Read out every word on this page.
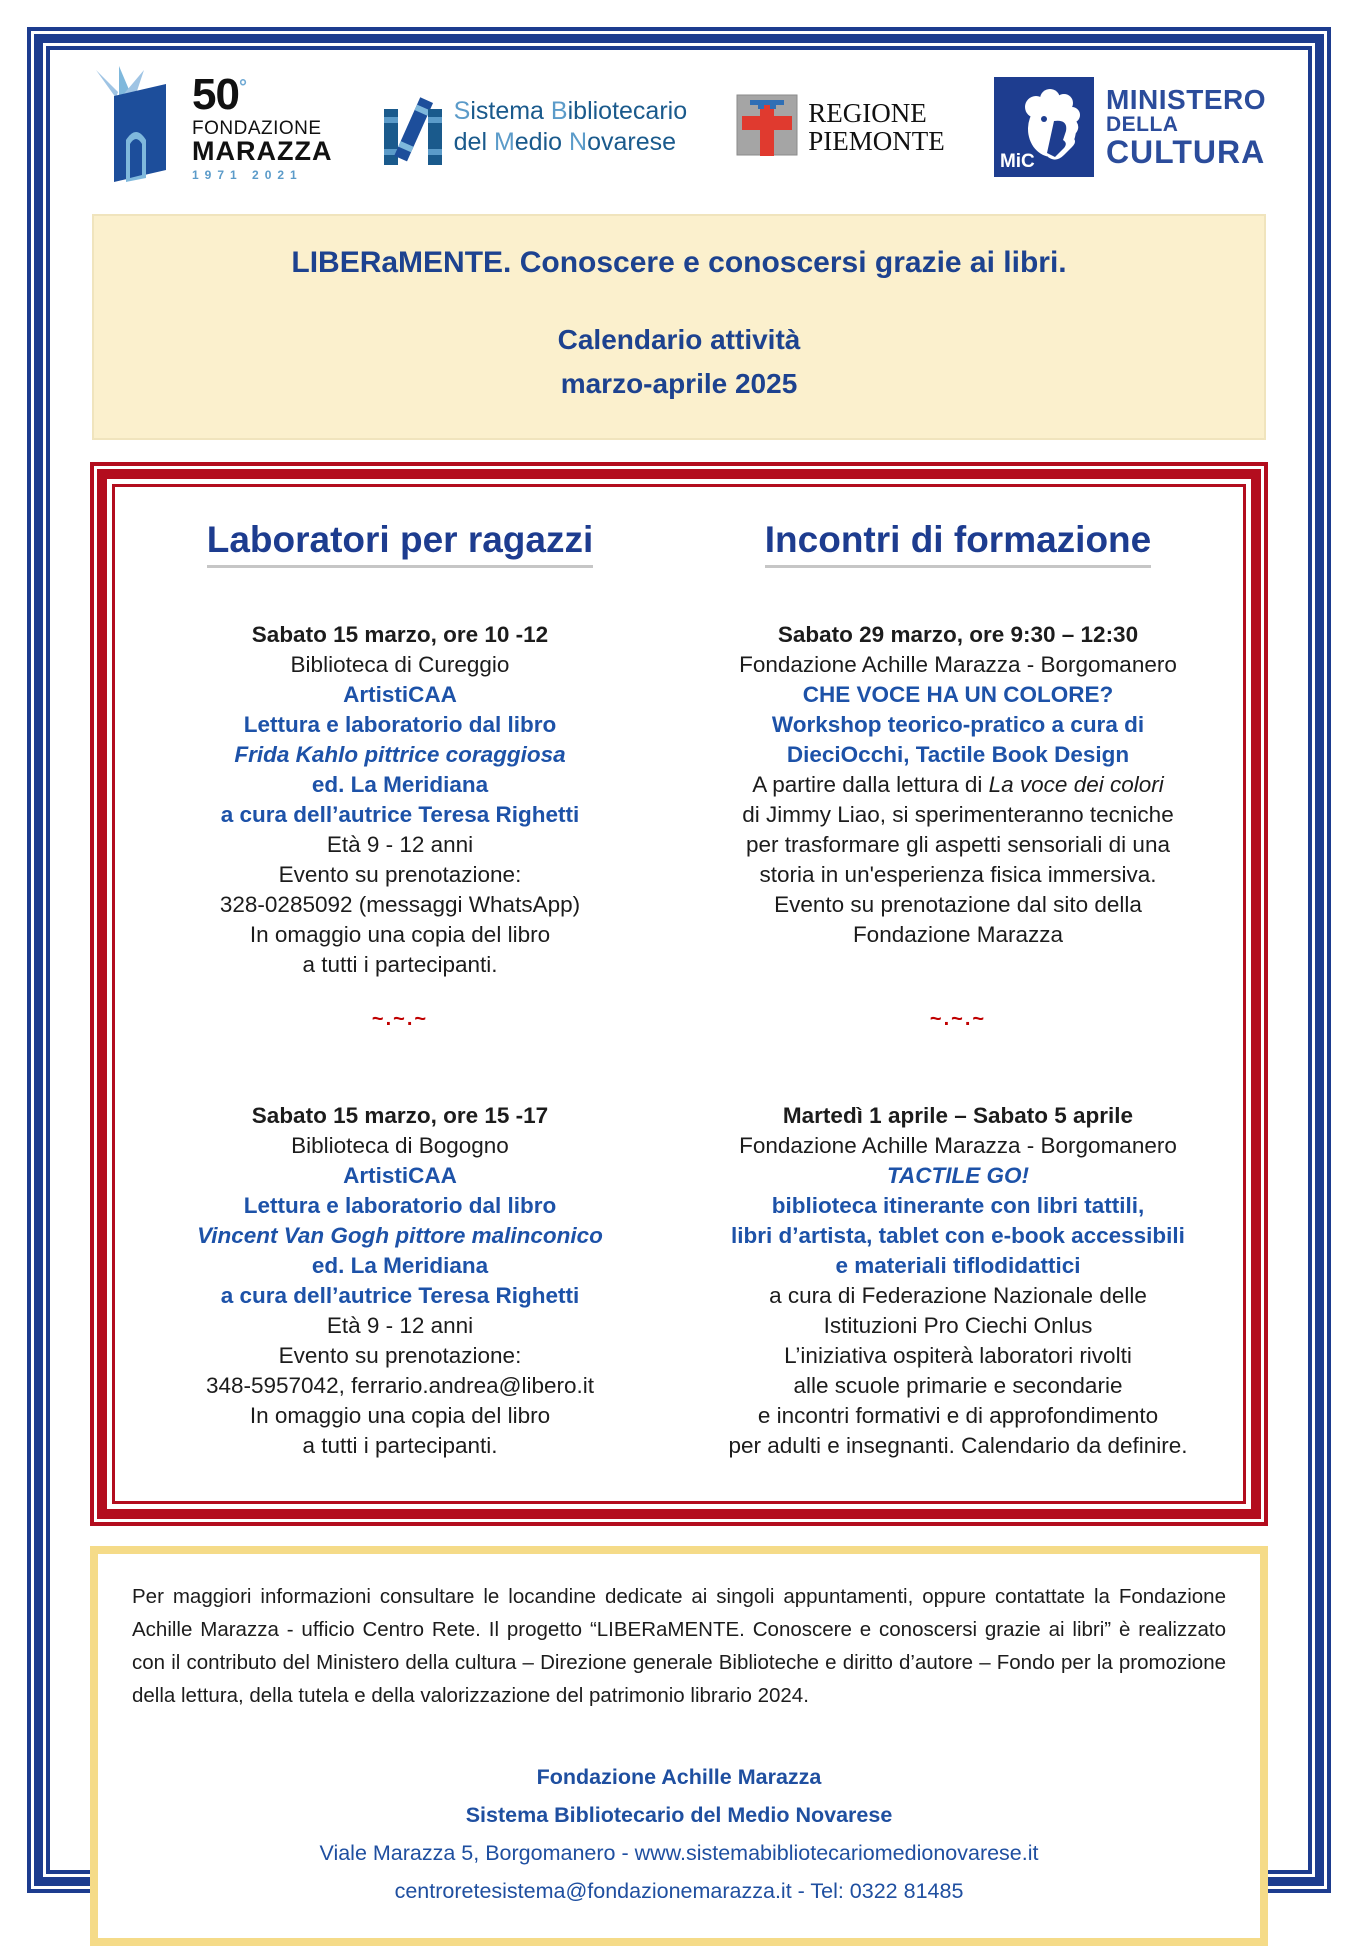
50°
FONDAZIONE
MARAZZA
1971 2021
Sistema Bibliotecario
del Medio Novarese
REGIONE
PIEMONTE
MiC
MINISTERO
DELLA
CULTURA
LIBERaMENTE. Conoscere e conoscersi grazie ai libri.
Calendario attività
marzo-aprile 2025
Laboratori per ragazzi	Incontri di formazione
Sabato 15 marzo, ore 10 -12
Biblioteca di Cureggio
ArtistiCAA
Lettura e laboratorio dal libro
Frida Kahlo pittrice coraggiosa
ed. La Meridiana
a cura dell’autrice Teresa Righetti
Età 9 - 12 anni
Evento su prenotazione:
328-0285092 (messaggi WhatsApp)
In omaggio una copia del libro
a tutti i partecipanti.
Sabato 29 marzo, ore 9:30 – 12:30
Fondazione Achille Marazza - Borgomanero
CHE VOCE HA UN COLORE?
Workshop teorico-pratico a cura di
DieciOcchi, Tactile Book Design
A partire dalla lettura di La voce dei colori
di Jimmy Liao, si sperimenteranno tecniche
per trasformare gli aspetti sensoriali di una
storia in un'esperienza fisica immersiva.
Evento su prenotazione dal sito della
Fondazione Marazza
~.~.~	~.~.~
Sabato 15 marzo, ore 15 -17
Biblioteca di Bogogno
ArtistiCAA
Lettura e laboratorio dal libro
Vincent Van Gogh pittore malinconico
ed. La Meridiana
a cura dell’autrice Teresa Righetti
Età 9 - 12 anni
Evento su prenotazione:
348-5957042, ferrario.andrea@libero.it
In omaggio una copia del libro
a tutti i partecipanti.
Martedì 1 aprile – Sabato 5 aprile
Fondazione Achille Marazza - Borgomanero
TACTILE GO!
biblioteca itinerante con libri tattili,
libri d’artista, tablet con e-book accessibili
e materiali tiflodidattici
a cura di Federazione Nazionale delle
Istituzioni Pro Ciechi Onlus
L’iniziativa ospiterà laboratori rivolti
alle scuole primarie e secondarie
e incontri formativi e di approfondimento
per adulti e insegnanti. Calendario da definire.

Per maggiori informazioni consultare le locandine dedicate ai singoli appuntamenti, oppure contattate la Fondazione Achille Marazza - ufficio Centro Rete. Il progetto “LIBERaMENTE. Conoscere e conoscersi grazie ai libri” è realizzato con il contributo del Ministero della cultura – Direzione generale Biblioteche e diritto d’autore – Fondo per la promozione della lettura, della tutela e della valorizzazione del patrimonio librario 2024.

Fondazione Achille Marazza
Sistema Bibliotecario del Medio Novarese
Viale Marazza 5, Borgomanero - www.sistemabibliotecariomedionovarese.it
centroretesistema@fondazionemarazza.it - Tel: 0322 81485
